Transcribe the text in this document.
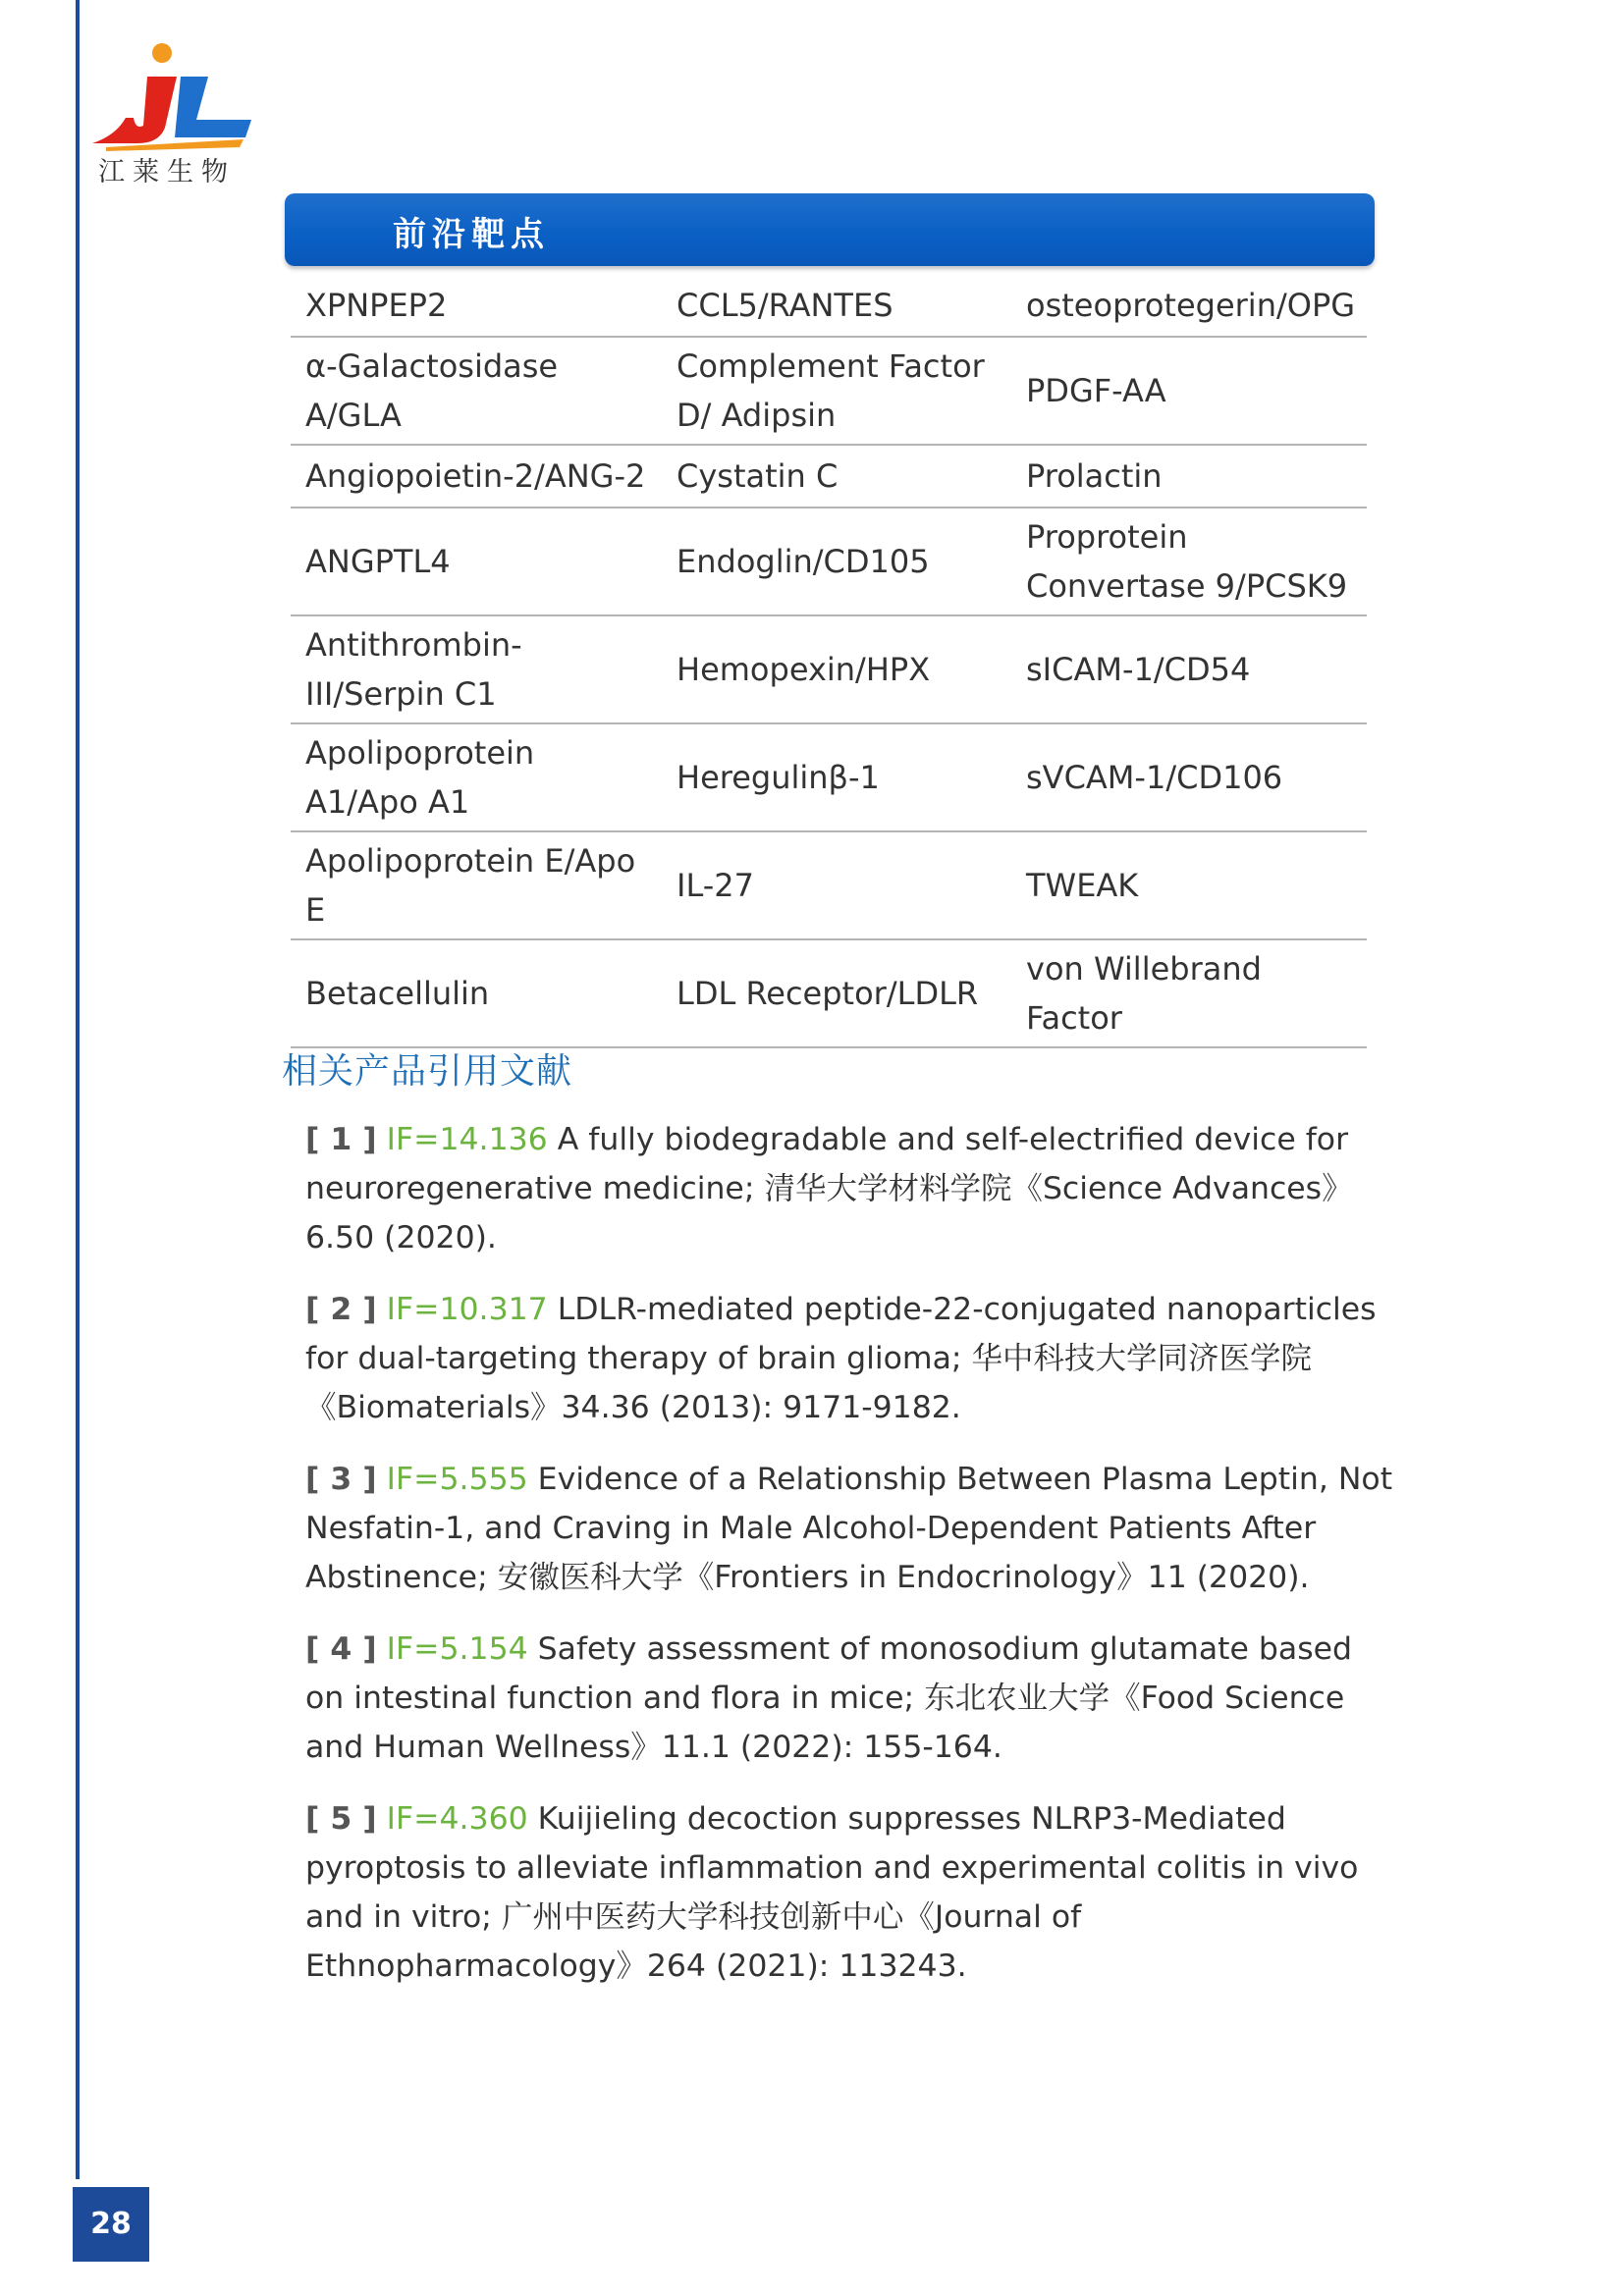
江莱生物
前沿靶点
XPNPEP2	CCL5/RANTES	osteoprotegerin/OPG
α-Galactosidase A/GLA	Complement Factor D/ Adipsin	PDGF-AA
Angiopoietin-2/ANG-2	Cystatin C	Prolactin
ANGPTL4	Endoglin/CD105	Proprotein Convertase 9/PCSK9
Antithrombin-III/Serpin C1	Hemopexin/HPX	sICAM-1/CD54
Apolipoprotein A1/Apo A1	Heregulinβ-1	sVCAM-1/CD106
Apolipoprotein E/Apo E	IL-27	TWEAK
Betacellulin	LDL Receptor/LDLR	von Willebrand Factor
相关产品引用文献

[ 1 ] IF=14.136 A fully biodegradable and self-electrified device for neuroregenerative medicine; 清华大学材料学院《Science Advances》6.50 (2020).

[ 2 ] IF=10.317 LDLR-mediated peptide-22-conjugated nanoparticles for dual-targeting therapy of brain glioma; 华中科技大学同济医学院《Biomaterials》34.36 (2013): 9171-9182.

[ 3 ] IF=5.555 Evidence of a Relationship Between Plasma Leptin, Not Nesfatin-1, and Craving in Male Alcohol-Dependent Patients After Abstinence; 安徽医科大学《Frontiers in Endocrinology》11 (2020).

[ 4 ] IF=5.154 Safety assessment of monosodium glutamate based on intestinal function and flora in mice; 东北农业大学《Food Science and Human Wellness》11.1 (2022): 155-164.

[ 5 ] IF=4.360 Kuijieling decoction suppresses NLRP3-Mediated pyroptosis to alleviate inflammation and experimental colitis in vivo and in vitro; 广州中医药大学科技创新中心《Journal of Ethnopharmacology》264 (2021): 113243.

28
